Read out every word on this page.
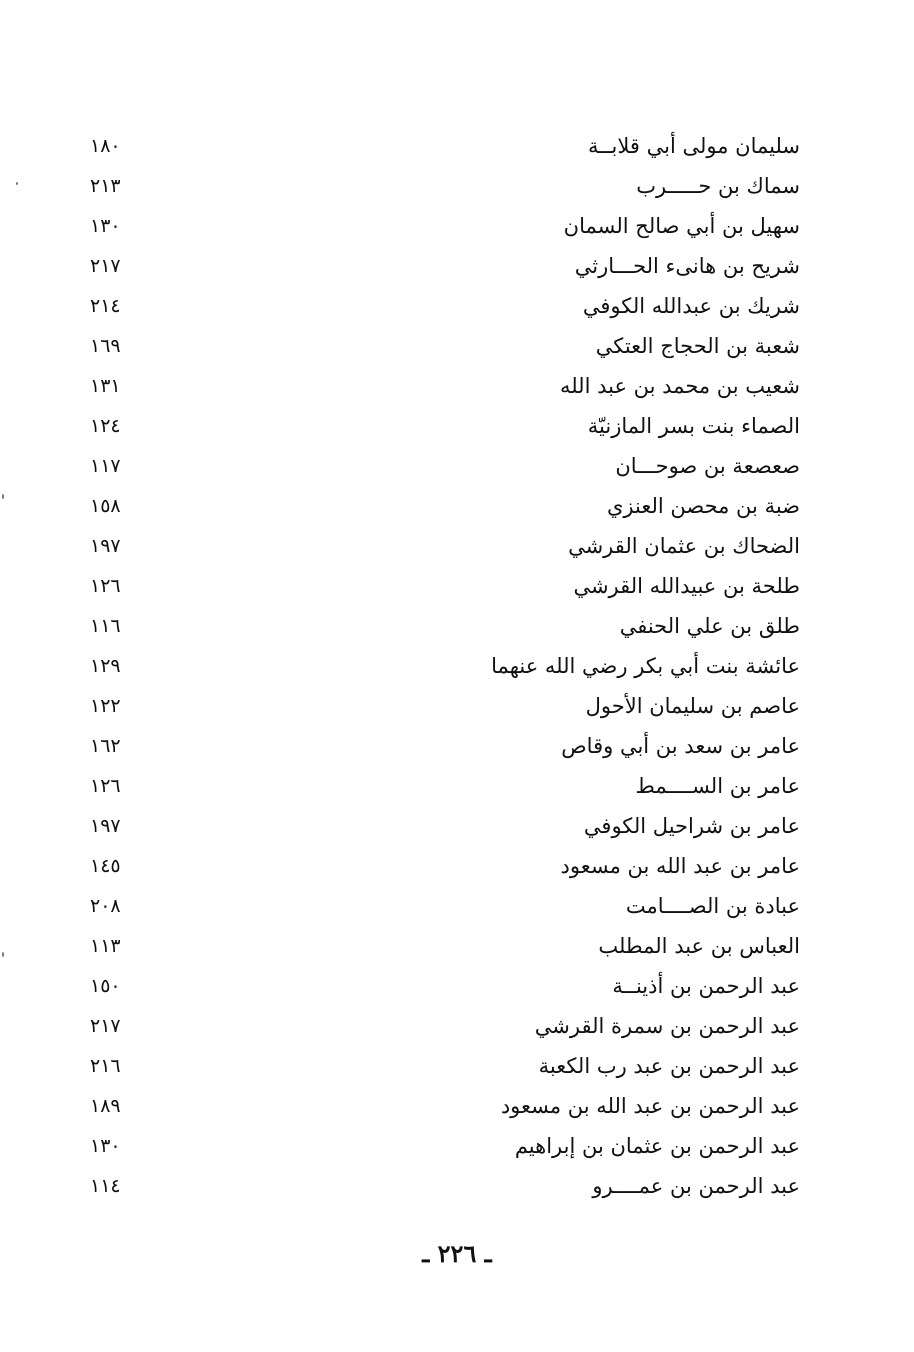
سليمان مولى أبي قلابــة
١٨٠
سماك بن حـــــرب
٢١٣
سهيل بن أبي صالح السمان
١٣٠
شريح بن هانىء الحـــارثي
٢١٧
شريك بن عبدالله الكوفي
٢١٤
شعبة بن الحجاج العتكي
١٦٩
شعيب بن محمد بن عبد الله
١٣١
الصماء بنت بسر المازنيّة
١٢٤
صعصعة بن صوحـــان
١١٧
ضبة بن محصن العنزي
١٥٨
الضحاك بن عثمان القرشي
١٩٧
طلحة بن عبيدالله القرشي
١٢٦
طلق بن علي الحنفي
١١٦
عائشة بنت أبي بكر رضي الله عنهما
١٢٩
عاصم بن سليمان الأحول
١٢٢
عامر بن سعد بن أبي وقاص
١٦٢
عامر بن الســــمط
١٢٦
عامر بن شراحيل الكوفي
١٩٧
عامر بن عبد الله بن مسعود
١٤٥
عبادة بن الصــــامت
٢٠٨
العباس بن عبد المطلب
١١٣
عبد الرحمن بن أذينــة
١٥٠
عبد الرحمن بن سمرة القرشي
٢١٧
عبد الرحمن بن عبد رب الكعبة
٢١٦
عبد الرحمن بن عبد الله بن مسعود
١٨٩
عبد الرحمن بن عثمان بن إبراهيم
١٣٠
عبد الرحمن بن عمــــرو
١١٤
ـ ٢٢٦ ـ
